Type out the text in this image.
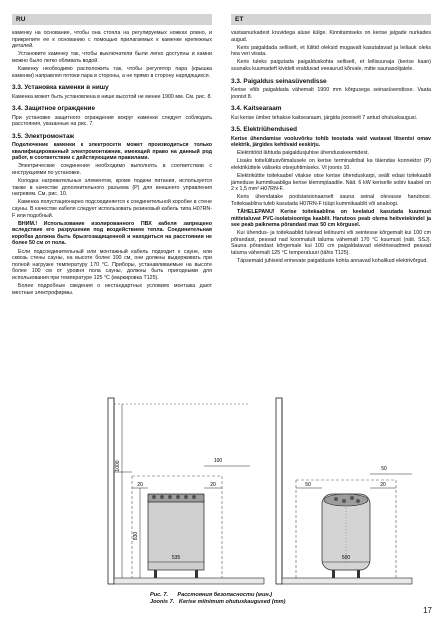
RU	ET

каменку на основание, чтобы она стояла на регулируемых ножках ровно, и прикрепите ее к основанию с помощью прилагаемых к каменке крепежных деталей.

Установите каменку так, чтобы выключатели были легко доступны и камни можно было легко обливать водой.

Каменку необходимо расположить так, чтобы регулятор пара (крышка каменки) направлял потоки пара в стороны, а не прямо в сторону нарядящихся.

3.3. Установка каменки в нишу

Каменка может быть установлена в нише высотой не менее 1900 мм. См. рис. 8.

3.4. Защитное ограждение

При установке защитного ограждения вокруг каменки следует соблюдать расстояния, указанные на рис. 7.

3.5. Электромонтаж

Подключение каменки к электросети может производиться только квалифицированный электромонтажник, имеющий право на данный род работ, в соответствии с действующими правилами.

Электрические соединения необходимо выполнять в соответствии с инструкциями по установке.

Колодка нагревательных элементов, кроме подачи питания, используется также в качестве дополнительного разъема (P) для внешнего управления нагревом. См. рис. 10.

Каменка полустационарно подсоединяется к соединительной коробке в стене сауны. В качестве кабеля следует использовать резиновый кабель типа H07RN-F или подобный.

ВНИМ.! Использование изолированного ПВХ кабеля запрещено вследствие его разрушения под воздействием тепла. Соединительная коробка должна быть брызгозащищенной и находиться на расстоянии не более 50 см от пола.

Если подсоединительный или монтажный кабель подходит к сауне, или сквозь стены сауны, на высоте более 100 см, они должны выдерживать при полной нагрузке температуру 170 °С. Приборы, устанавливаемые на высоте более 100 см от уровня пола сауны, должны быть пригодными для использования при температуре 125 °С (маркировка T125).

Более подробные сведения о нестандартных условиях монтажа дают местные электрофирмы.

vastasnurkadest kruvidega aluse külge. Kinnitamiseks on kerise jalgade nurkades augud.

Keris paigaldada selliselt, et lülitid oleksid mugavalt kasutatavad ja leiliauk oleks hea veri visata.

Keris tuleks paigutada paigalduskohta selliselt, et leilisuunaja (kerise kaan) suunaks kuumadeft kividelt eralduvad veeaurud kõrvale, mitte saunasolijatele.

3.3. Paigaldus seinasüvendisse

Kerise võib paigaldada vähemalt 1900 mm kõrgusega seinasüvendisse. Vaata joonist 8.

3.4. Kaitsearaam

Kui kerise ümber tehakse kaitsearaam, järgida jooniselt 7 antud ohutuskaugusi.

3.5. Elektriühendused

Kerise ühendamise vooluvõrku tohib teostada vaid vastavat litsentsi omav elektrik, järgides kehtivaid eeskirju.

Elektritööd lähtuda paigaldusjuhise ühendusskeemidest.

Lisaks toitelülitusvõimalusele on kerise terminaliribal ka täiendav konnektor (P) elektriküttele väliseks otsejuhtimiseks. Vt joonis 10.

Elektriküttte toitekaabel viiakse otse kerise ühenduskarpi, seält edasi toitekaabli jämeduse kummikaabliga kerise klemmplaadile. Näit. 6 kW keriselle sobiv kaabel on 2 x 1,5 mm² H07RN-F.

Keris ühendatake poolstatsionaarselt sauna seinal olevasse harutoosi. Toitekaablina tuleb kasutada H07RN-F tüüpi kummikaablit või analoogi.

TÄHELEPANU! Kerise toitekaablina on keelatud kasutada kuumust mittetaluvat PVC-isolatsiooniga kaablit. Harutoos peab olema heitvetekindel ja see peab paiknema põrandast max 50 cm kõrgusel.

Kui ühendus- ja toitekaablid tulevad leiliruumi või seintesse kõrgemalt kui 100 cm põrandast, peavad nad koormatult taluma vähemalt 170 °C kuumust (näit. SSJ). Sauna põrandast kõrgemale kui 100 cm paigaldatavad elektriseadmed peavad taluma vähemalt 125 °C temperatuuri (tähis T125).

Täpsemaid juhiseid erinevate paigalduste kohta annavad kohalikud elektrivõrgud.

1000
830
100
20	20
535
50
50	20
500
Рис. 7.      Расстояния безопасности (мин.)
Joonis 7.   Kerise miinimum ohutuskaugused (mm)
17
